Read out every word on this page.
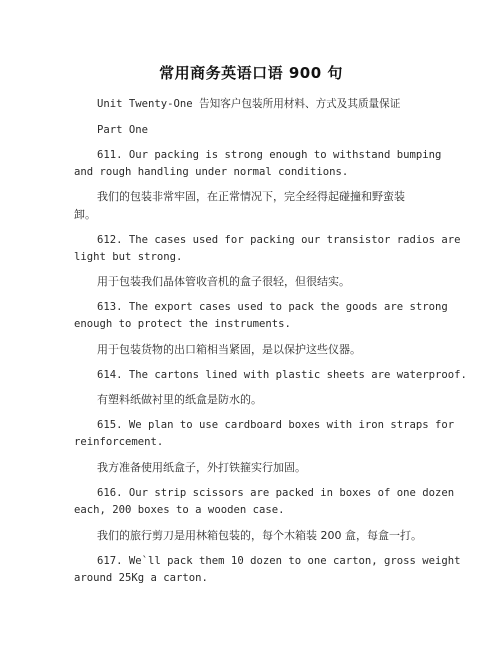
常用商务英语口语 900 句
Unit Twenty-One 告知客户包装所用材料、方式及其质量保证
Part One
611. Our packing is strong enough to withstand bumping
and rough handling under normal conditions.
我们的包装非常牢固，在正常情况下，完全经得起碰撞和野蛮装
卸。
612. The cases used for packing our transistor radios are
light but strong.
用于包装我们晶体管收音机的盒子很轻，但很结实。
613. The export cases used to pack the goods are strong
enough to protect the instruments.
用于包装货物的出口箱相当紧固，是以保护这些仪器。
614. The cartons lined with plastic sheets are waterproof.
有塑料纸做衬里的纸盒是防水的。
615. We plan to use cardboard boxes with iron straps for
reinforcement.
我方准备使用纸盒子，外打铁箍实行加固。
616. Our strip scissors are packed in boxes of one dozen
each, 200 boxes to a wooden case.
我们的旅行剪刀是用林箱包装的，每个木箱装 200 盒，每盒一打。
617. We`ll pack them 10 dozen to one carton, gross weight
around 25Kg a carton.
